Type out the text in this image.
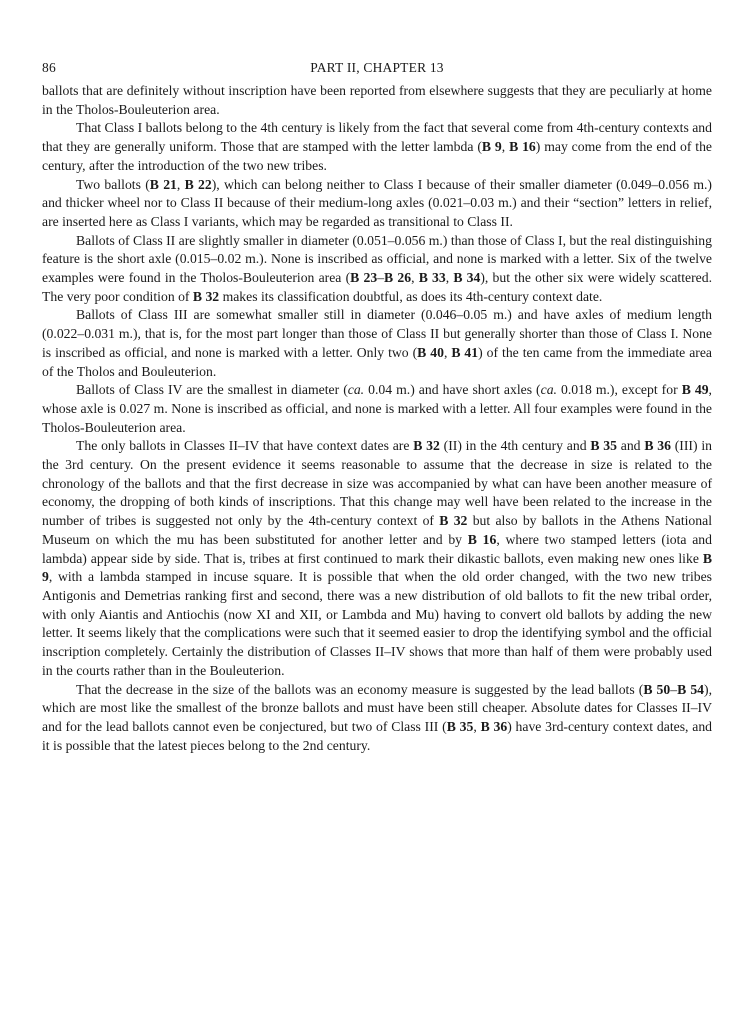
86	PART II, CHAPTER 13

ballots that are definitely without inscription have been reported from elsewhere suggests that they are peculiarly at home in the Tholos-Bouleuterion area.

That Class I ballots belong to the 4th century is likely from the fact that several come from 4th-century contexts and that they are generally uniform. Those that are stamped with the letter lambda (B 9, B 16) may come from the end of the century, after the introduction of the two new tribes.

Two ballots (B 21, B 22), which can belong neither to Class I because of their smaller diameter (0.049–0.056 m.) and thicker wheel nor to Class II because of their medium-long axles (0.021–0.03 m.) and their “section” letters in relief, are inserted here as Class I variants, which may be regarded as transitional to Class II.

Ballots of Class II are slightly smaller in diameter (0.051–0.056 m.) than those of Class I, but the real distinguishing feature is the short axle (0.015–0.02 m.). None is inscribed as official, and none is marked with a letter. Six of the twelve examples were found in the Tholos-Bouleuterion area (B 23–B 26, B 33, B 34), but the other six were widely scattered. The very poor condition of B 32 makes its classification doubtful, as does its 4th-century context date.

Ballots of Class III are somewhat smaller still in diameter (0.046–0.05 m.) and have axles of medium length (0.022–0.031 m.), that is, for the most part longer than those of Class II but generally shorter than those of Class I. None is inscribed as official, and none is marked with a letter. Only two (B 40, B 41) of the ten came from the immediate area of the Tholos and Bouleuterion.

Ballots of Class IV are the smallest in diameter (ca. 0.04 m.) and have short axles (ca. 0.018 m.), except for B 49, whose axle is 0.027 m. None is inscribed as official, and none is marked with a letter. All four examples were found in the Tholos-Bouleuterion area.

The only ballots in Classes II–IV that have context dates are B 32 (II) in the 4th century and B 35 and B 36 (III) in the 3rd century. On the present evidence it seems reasonable to assume that the decrease in size is related to the chronology of the ballots and that the first decrease in size was accompanied by what can have been another measure of economy, the dropping of both kinds of inscriptions. That this change may well have been related to the increase in the number of tribes is suggested not only by the 4th-century context of B 32 but also by ballots in the Athens National Museum on which the mu has been substituted for another letter and by B 16, where two stamped letters (iota and lambda) appear side by side. That is, tribes at first continued to mark their dikastic ballots, even making new ones like B 9, with a lambda stamped in incuse square. It is possible that when the old order changed, with the two new tribes Antigonis and Demetrias ranking first and second, there was a new distribution of old ballots to fit the new tribal order, with only Aiantis and Antiochis (now XI and XII, or Lambda and Mu) having to convert old ballots by adding the new letter. It seems likely that the complications were such that it seemed easier to drop the identifying symbol and the official inscription completely. Certainly the distribution of Classes II–IV shows that more than half of them were probably used in the courts rather than in the Bouleuterion.

That the decrease in the size of the ballots was an economy measure is suggested by the lead ballots (B 50–B 54), which are most like the smallest of the bronze ballots and must have been still cheaper. Absolute dates for Classes II–IV and for the lead ballots cannot even be conjectured, but two of Class III (B 35, B 36) have 3rd-century context dates, and it is possible that the latest pieces belong to the 2nd century.
